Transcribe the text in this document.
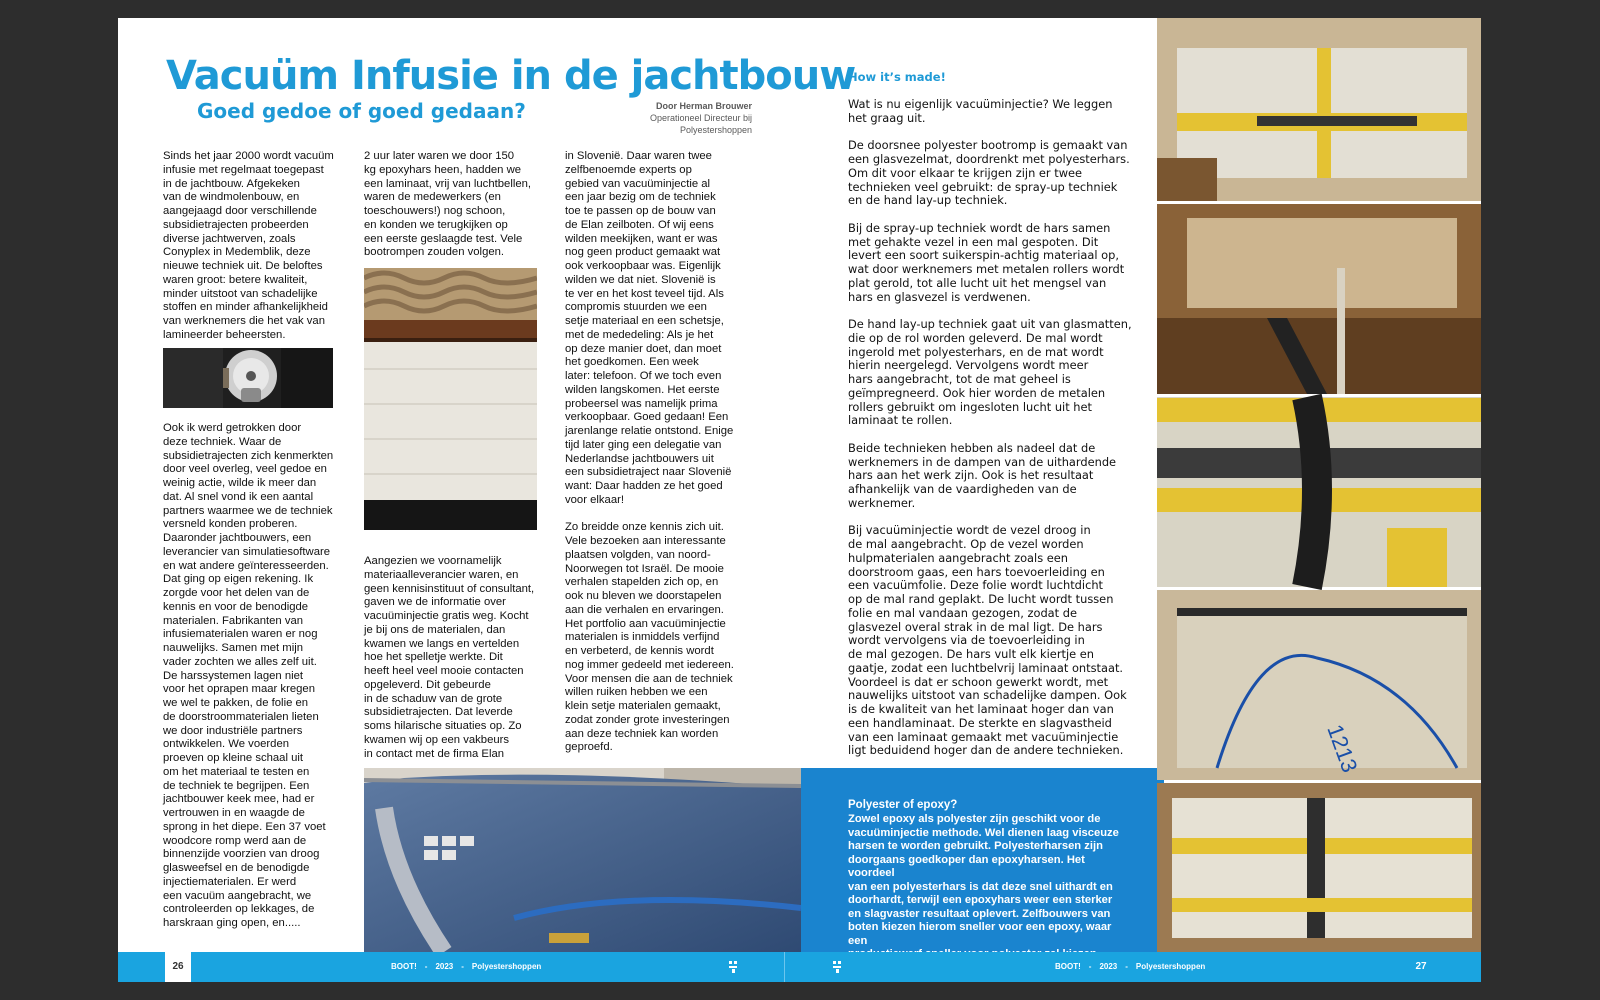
Vacuüm Infusie in de jachtbouw
Goed gedoe of goed gedaan?	Door Herman Brouwer
Operationeel Directeur bij Polyestershoppen

Sinds het jaar 2000 wordt vacuüm
infusie met regelmaat toegepast
in de jachtbouw. Afgekeken
van de windmolenbouw, en
aangejaagd door verschillende
subsidietrajecten probeerden
diverse jachtwerven, zoals
Conyplex in Medemblik, deze
nieuwe techniek uit. De beloftes
waren groot: betere kwaliteit,
minder uitstoot van schadelijke
stoffen en minder afhankelijkheid
van werknemers die het vak van
lamineerder beheersten.

Ook ik werd getrokken door
deze techniek. Waar de
subsidietrajecten zich kenmerkten
door veel overleg, veel gedoe en
weinig actie, wilde ik meer dan
dat. Al snel vond ik een aantal
partners waarmee we de techniek
versneld konden proberen.
Daaronder jachtbouwers, een
leverancier van simulatiesoftware
en wat andere geïnteresseerden.
Dat ging op eigen rekening. Ik
zorgde voor het delen van de
kennis en voor de benodigde
materialen. Fabrikanten van
infusiematerialen waren er nog
nauwelijks. Samen met mijn
vader zochten we alles zelf uit.
De harssystemen lagen niet
voor het oprapen maar kregen
we wel te pakken, de folie en
de doorstroommaterialen lieten
we door industriële partners
ontwikkelen. We voerden
proeven op kleine schaal uit
om het materiaal te testen en
de techniek te begrijpen. Een
jachtbouwer keek mee, had er
vertrouwen in en waagde de
sprong in het diepe. Een 37 voet
woodcore romp werd aan de
binnenzijde voorzien van droog
glasweefsel en de benodigde
injectiematerialen. Er werd
een vacuüm aangebracht, we
controleerden op lekkages, de
harskraan ging open, en.....

2 uur later waren we door 150
kg epoxyhars heen, hadden we
een laminaat, vrij van luchtbellen,
waren de medewerkers (en
toeschouwers!) nog schoon,
en konden we terugkijken op
een eerste geslaagde test. Vele
bootrompen zouden volgen.

Aangezien we voornamelijk
materiaalleverancier waren, en
geen kennisinstituut of consultant,
gaven we de informatie over
vacuüminjectie gratis weg. Kocht
je bij ons de materialen, dan
kwamen we langs en vertelden
hoe het spelletje werkte. Dit
heeft heel veel mooie contacten
opgeleverd. Dit gebeurde
in de schaduw van de grote
subsidietrajecten. Dat leverde
soms hilarische situaties op. Zo
kwamen wij op een vakbeurs
in contact met de firma Elan

in Slovenië. Daar waren twee
zelfbenoemde experts op
gebied van vacuüminjectie al
een jaar bezig om de techniek
toe te passen op de bouw van
de Elan zeilboten. Of wij eens
wilden meekijken, want er was
nog geen product gemaakt wat
ook verkoopbaar was. Eigenlijk
wilden we dat niet. Slovenië is
te ver en het kost teveel tijd. Als
compromis stuurden we een
setje materiaal en een schetsje,
met de mededeling: Als je het
op deze manier doet, dan moet
het goedkomen. Een week
later: telefoon. Of we toch even
wilden langskomen. Het eerste
probeersel was namelijk prima
verkoopbaar. Goed gedaan! Een
jarenlange relatie ontstond. Enige
tijd later ging een delegatie van
Nederlandse jachtbouwers uit
een subsidietraject naar Slovenië
want: Daar hadden ze het goed
voor elkaar!

Zo breidde onze kennis zich uit.
Vele bezoeken aan interessante
plaatsen volgden, van noord-
Noorwegen tot Israël. De mooie
verhalen stapelden zich op, en
ook nu bleven we doorstapelen
aan die verhalen en ervaringen.
Het portfolio aan vacuüminjectie
materialen is inmiddels verfijnd
en verbeterd, de kennis wordt
nog immer gedeeld met iedereen.
Voor mensen die aan de techniek
willen ruiken hebben we een
klein setje materialen gemaakt,
zodat zonder grote investeringen
aan deze techniek kan worden
geproefd.

How it’s made!

Wat is nu eigenlijk vacuüminjectie? We leggen
het graag uit.

De doorsnee polyester bootromp is gemaakt van
een glasvezelmat, doordrenkt met polyesterhars.
Om dit voor elkaar te krijgen zijn er twee
technieken veel gebruikt: de spray-up techniek
en de hand lay-up techniek.

Bij de spray-up techniek wordt de hars samen
met gehakte vezel in een mal gespoten. Dit
levert een soort suikerspin-achtig materiaal op,
wat door werknemers met metalen rollers wordt
plat gerold, tot alle lucht uit het mengsel van
hars en glasvezel is verdwenen.

De hand lay-up techniek gaat uit van glasmatten,
die op de rol worden geleverd. De mal wordt
ingerold met polyesterhars, en de mat wordt
hierin neergelegd. Vervolgens wordt meer
hars aangebracht, tot de mat geheel is
geïmpregneerd. Ook hier worden de metalen
rollers gebruikt om ingesloten lucht uit het
laminaat te rollen.

Beide technieken hebben als nadeel dat de
werknemers in de dampen van de uithardende
hars aan het werk zijn. Ook is het resultaat
afhankelijk van de vaardigheden van de
werknemer.

Bij vacuüminjectie wordt de vezel droog in
de mal aangebracht. Op de vezel worden
hulpmaterialen aangebracht zoals een
doorstroom gaas, een hars toevoerleiding en
een vacuümfolie. Deze folie wordt luchtdicht
op de mal rand geplakt. De lucht wordt tussen
folie en mal vandaan gezogen, zodat de
glasvezel overal strak in de mal ligt. De hars
wordt vervolgens via de toevoerleiding in
de mal gezogen. De hars vult elk kiertje en
gaatje, zodat een luchtbelvrij laminaat ontstaat.
Voordeel is dat er schoon gewerkt wordt, met
nauwelijks uitstoot van schadelijke dampen. Ook
is de kwaliteit van het laminaat hoger dan van
een handlaminaat. De sterkte en slagvastheid
van een laminaat gemaakt met vacuüminjectie
ligt beduidend hoger dan de andere technieken.

Polyester of epoxy?
Zowel epoxy als polyester zijn geschikt voor de
vacuüminjectie methode. Wel dienen laag visceuze
harsen te worden gebruikt. Polyesterharsen zijn
doorgaans goedkoper dan epoxyharsen. Het voordeel
van een polyesterhars is dat deze snel uithardt en
doorhardt, terwijl een epoxyhars weer een sterker
en slagvaster resultaat oplevert. Zelfbouwers van
boten kiezen hierom sneller voor een epoxy, waar een

1213
26	BOOT! - 2023 - Polyestershoppen	BOOT! - 2023 - Polyestershoppen	27
